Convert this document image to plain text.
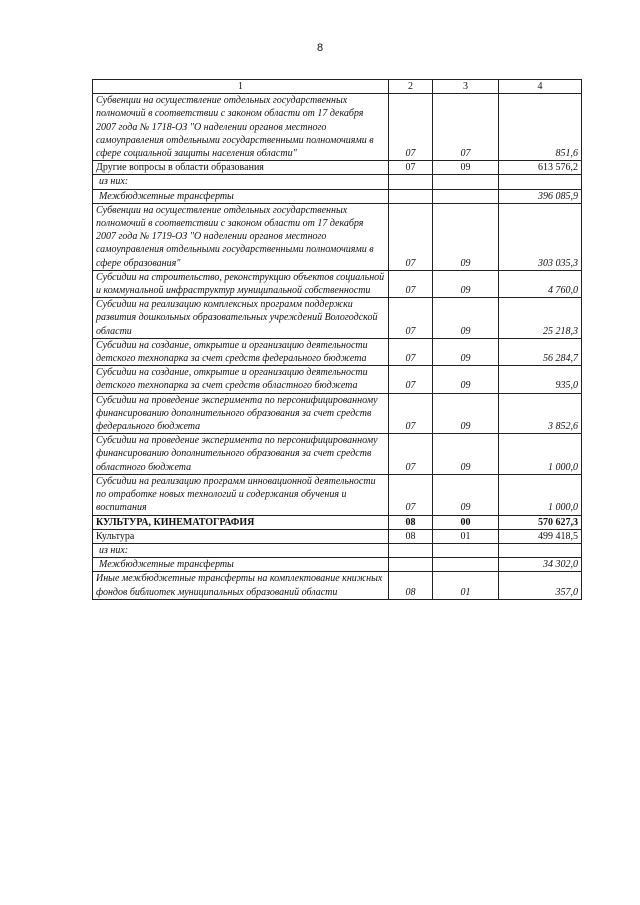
8
1	2	3	4
Субвенции на осуществление отдельных государственных полномочий в соответствии с законом области от 17 декабря 2007 года № 1718-ОЗ "О наделении органов местного самоуправления отдельными государственными полномочиями в сфере социальной защиты населения области"	07	07	851,6
Другие вопросы в области образования	07	09	613 576,2
из них:			
Межбюджетные трансферты			396 085,9
Субвенции на осуществление отдельных государственных полномочий в соответствии с законом области от 17 декабря 2007 года № 1719-ОЗ "О наделении органов местного самоуправления отдельными государственными полномочиями в сфере образования"	07	09	303 035,3
Субсидии на строительство, реконструкцию объектов социальной и коммунальной инфраструктур муниципальной собственности	07	09	4 760,0
Субсидии на реализацию комплексных программ поддержки развития дошкольных образовательных учреждений Вологодской области	07	09	25 218,3
Субсидии на создание, открытие и организацию деятельности детского технопарка за счет средств федерального бюджета	07	09	56 284,7
Субсидии на создание, открытие и организацию деятельности детского технопарка за счет средств областного бюджета	07	09	935,0
Субсидии на проведение эксперимента по персонифицированному финансированию дополнительного образования за счет средств федерального бюджета	07	09	3 852,6
Субсидии на проведение эксперимента по персонифицированному финансированию дополнительного образования за счет средств областного бюджета	07	09	1 000,0
Субсидии на реализацию программ инновационной деятельности по отработке новых технологий и содержания обучения и воспитания	07	09	1 000,0
КУЛЬТУРА, КИНЕМАТОГРАФИЯ	08	00	570 627,3
Культура	08	01	499 418,5
из них:			
Межбюджетные трансферты			34 302,0
Иные межбюджетные трансферты на комплектование книжных фондов библиотек муниципальных образований области	08	01	357,0
